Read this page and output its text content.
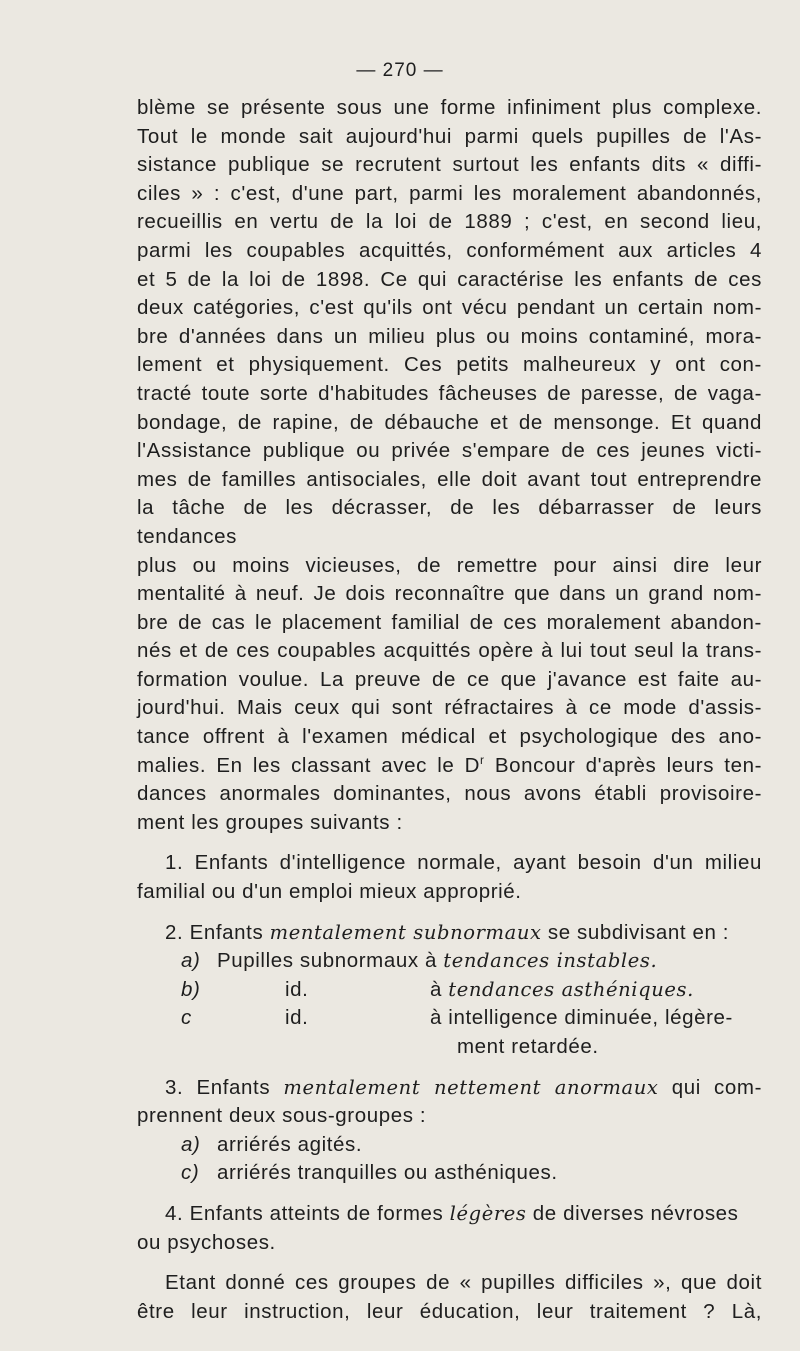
— 270 —
blème se présente sous une forme infiniment plus complexe.
Tout le monde sait aujourd'hui parmi quels pupilles de l'As-
sistance publique se recrutent surtout les enfants dits « diffi-
ciles » : c'est, d'une part, parmi les moralement abandonnés,
recueillis en vertu de la loi de 1889 ; c'est, en second lieu,
parmi les coupables acquittés, conformément aux articles 4
et 5 de la loi de 1898. Ce qui caractérise les enfants de ces
deux catégories, c'est qu'ils ont vécu pendant un certain nom-
bre d'années dans un milieu plus ou moins contaminé, mora-
lement et physiquement. Ces petits malheureux y ont con-
tracté toute sorte d'habitudes fâcheuses de paresse, de vaga-
bondage, de rapine, de débauche et de mensonge. Et quand
l'Assistance publique ou privée s'empare de ces jeunes victi-
mes de familles antisociales, elle doit avant tout entreprendre
la tâche de les décrasser, de les débarrasser de leurs tendances
plus ou moins vicieuses, de remettre pour ainsi dire leur
mentalité à neuf. Je dois reconnaître que dans un grand nom-
bre de cas le placement familial de ces moralement abandon-
nés et de ces coupables acquittés opère à lui tout seul la trans-
formation voulue. La preuve de ce que j'avance est faite au-
jourd'hui. Mais ceux qui sont réfractaires à ce mode d'assis-
tance offrent à l'examen médical et psychologique des ano-
malies. En les classant avec le $D^r$ Boncour d'après leurs ten-
dances anormales dominantes, nous avons établi provisoire-
ment les groupes suivants :
1. Enfants d'intelligence normale, ayant besoin d'un milieu
familial ou d'un emploi mieux approprié.
2. Enfants mentalement subnormaux se subdivisant en :
a) Pupilles subnormaux à tendances instables.
b)	id.	à tendances asthéniques.
c	id.	à intelligence diminuée, légère-
ment retardée.
3. Enfants mentalement nettement anormaux qui com-
prennent deux sous-groupes :
a) arriérés agités.
c) arriérés tranquilles ou asthéniques.
4. Enfants atteints de formes légères de diverses névroses
ou psychoses.
Etant donné ces groupes de « pupilles difficiles », que doit
être leur instruction, leur éducation, leur traitement ? Là,
